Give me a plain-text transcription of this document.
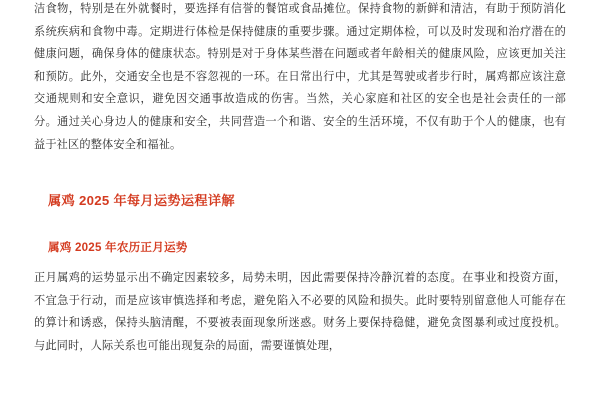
洁食物，特别是在外就餐时，要选择有信誉的餐馆或食品摊位。保持食物的新鲜和清洁，有助于预防消化系统疾病和食物中毒。定期进行体检是保持健康的重要步骤。通过定期体检，可以及时发现和治疗潜在的健康问题，确保身体的健康状态。特别是对于身体某些潜在问题或者年龄相关的健康风险，应该更加关注和预防。此外，交通安全也是不容忽视的一环。在日常出行中，尤其是驾驶或者步行时，属鸡都应该注意交通规则和安全意识，避免因交通事故造成的伤害。当然，关心家庭和社区的安全也是社会责任的一部分。通过关心身边人的健康和安全，共同营造一个和谐、安全的生活环境，不仅有助于个人的健康，也有益于社区的整体安全和福祉。

属鸡 2025 年每月运势运程详解
属鸡 2025 年农历正月运势

正月属鸡的运势显示出不确定因素较多，局势未明，因此需要保持冷静沉着的态度。在事业和投资方面，不宜急于行动，而是应该审慎选择和考虑，避免陷入不必要的风险和损失。此时要特别留意他人可能存在的算计和诱惑，保持头脑清醒，不要被表面现象所迷惑。财务上要保持稳健，避免贪图暴利或过度投机。与此同时，人际关系也可能出现复杂的局面，需要谨慎处理，
